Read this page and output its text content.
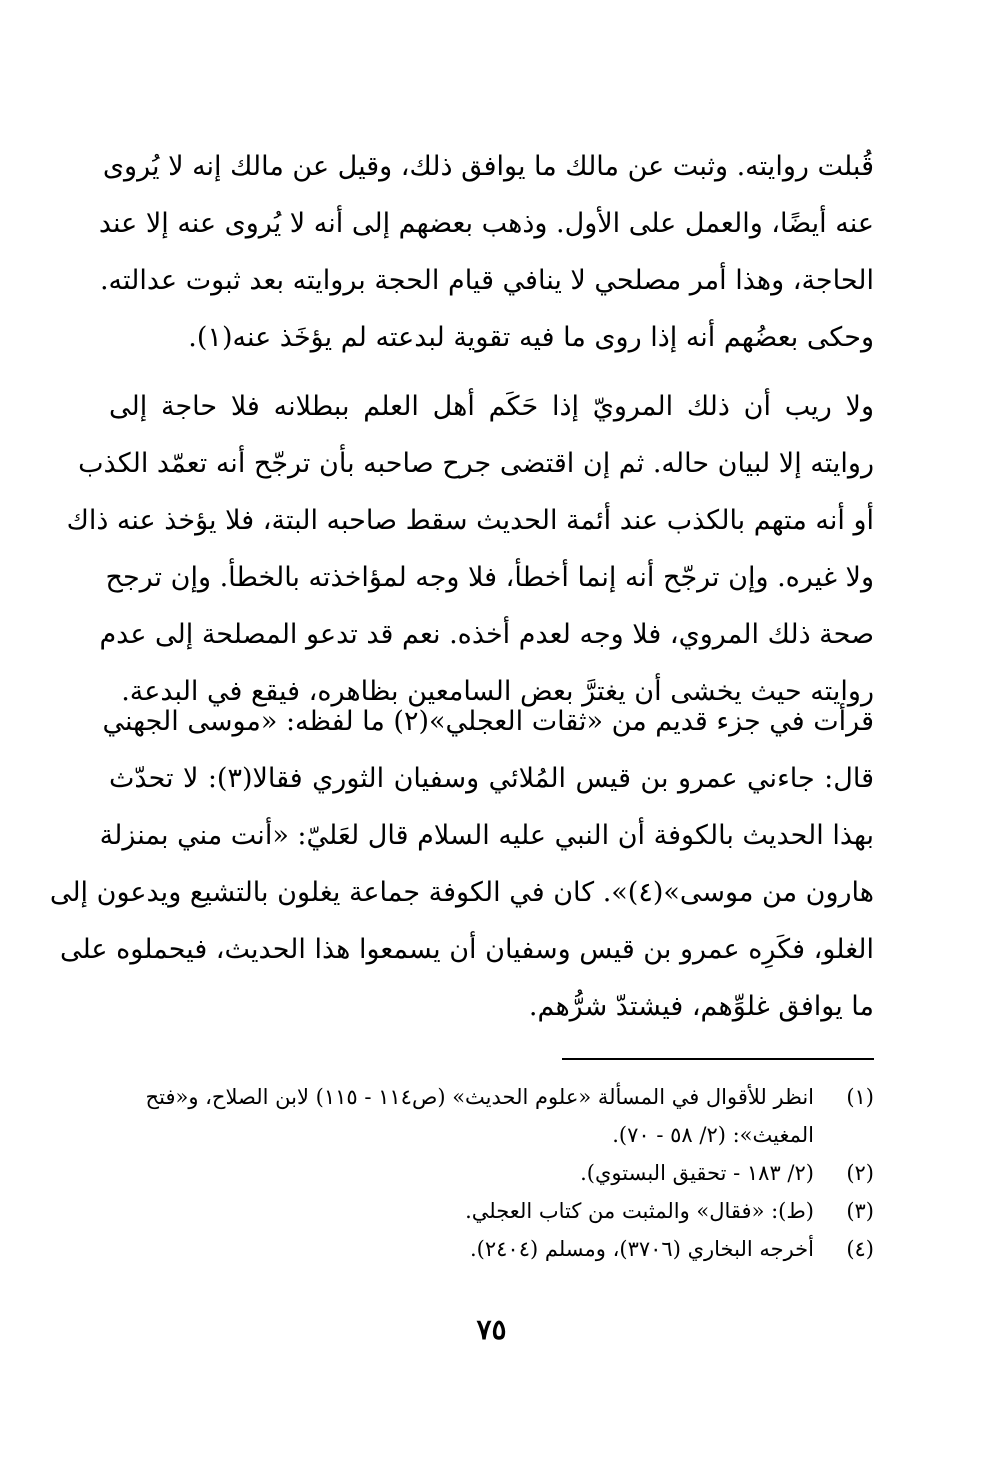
قُبلت روايته. وثبت عن مالك ما يوافق ذلك، وقيل عن مالك إنه لا يُروى
عنه أيضًا، والعمل على الأول. وذهب بعضهم إلى أنه لا يُروى عنه إلا عند
الحاجة، وهذا أمر مصلحي لا ينافي قيام الحجة بروايته بعد ثبوت عدالته.
وحكى بعضُهم أنه إذا روى ما فيه تقوية لبدعته لم يؤخَذ عنه(١).
ولا ريب أن ذلك المرويّ إذا حَكَم أهل العلم ببطلانه فلا حاجة إلى
روايته إلا لبيان حاله. ثم إن اقتضى جرح صاحبه بأن ترجّح أنه تعمّد الكذب
أو أنه متهم بالكذب عند أئمة الحديث سقط صاحبه البتة، فلا يؤخذ عنه ذاك
ولا غيره. وإن ترجّح أنه إنما أخطأ، فلا وجه لمؤاخذته بالخطأ. وإن ترجح
صحة ذلك المروي، فلا وجه لعدم أخذه. نعم قد تدعو المصلحة إلى عدم
روايته حيث يخشى أن يغترَّ بعض السامعين بظاهره، فيقع في البدعة.
قرأت في جزء قديم من «ثقات العجلي»(٢) ما لفظه: «موسى الجهني
قال: جاءني عمرو بن قيس المُلائي وسفيان الثوري فقالا(٣): لا تحدّث
بهذا الحديث بالكوفة أن النبي عليه السلام قال لعَليّ: «أنت مني بمنزلة
هارون من موسى»(٤)». كان في الكوفة جماعة يغلون بالتشيع ويدعون إلى
الغلو، فكَرِه عمرو بن قيس وسفيان أن يسمعوا هذا الحديث، فيحملوه على
ما يوافق غلوِّهم، فيشتدّ شرُّهم.
(١)
انظر للأقوال في المسألة «علوم الحديث» (ص١١٤ - ١١٥) لابن الصلاح، و«فتح المغيث»: (٢/ ٥٨ - ٧٠).
(٢)
(٢/ ١٨٣ - تحقيق البستوي).
(٣)
(ط): «فقال» والمثبت من كتاب العجلي.
(٤)
أخرجه البخاري (٣٧٠٦)، ومسلم (٢٤٠٤).
٧٥
